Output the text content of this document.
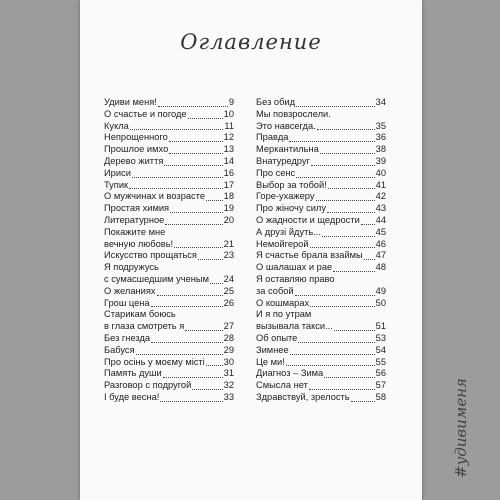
Оглавление
Удиви меня!	9
О счастье и погоде	10
Кукла	11
Непрощенного	12
Прошлое имхо	13
Дерево життя	14
Ириси	16
Тупик	17
О мужчинах и возрасте 18
Простая химия	19
Литературное	20
Покажите мне
вечную любовь!	21
Искусство прощаться	23
Я подружусь
с сумасшедшим ученым 24
О желаниях	25
Грош цена	26
Старикам боюсь
в глаза смотреть я	27
Без гнезда	28
Бабуся	29
Про осінь у моєму місті 30
Память души	31
Разговор с подругой	32
І буде весна!	33
Без обид	34
Мы повзрослели.
Это навсегда.	35
Правда	36
Меркантильна	38
Внатуредруг	39
Про сенс	40
Выбор за тобой!	41
Горе-ухажеру	42
Про жіночу силу	43
О жадности и щедрости 44
А друзі йдуть...	45
Немойгерой	46
Я счастье брала взаймы 47
О шалашах и рае	48
Я оставляю право
за собой	49
О кошмарах	50
И я по утрам
вызывала такси...	51
Об опыте	53
Зимнее	54
Це ми!	55
Диагноз – Зима	56
Смысла нет	57
Здравствуй, зрелость	58	#удивименя
